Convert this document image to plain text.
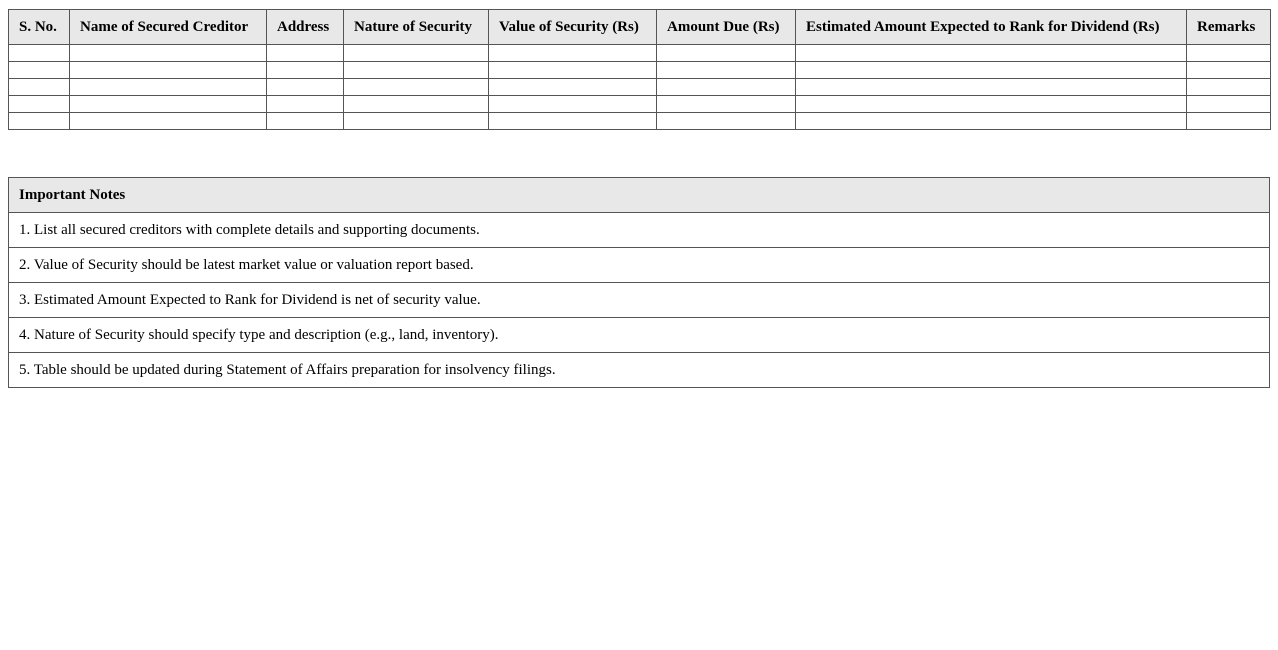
S. No.	Name of Secured Creditor	Address	Nature of Security	Value of Security (Rs)	Amount Due (Rs)	Estimated Amount Expected to Rank for Dividend (Rs)	Remarks

Important Notes
1. List all secured creditors with complete details and supporting documents.
2. Value of Security should be latest market value or valuation report based.
3. Estimated Amount Expected to Rank for Dividend is net of security value.
4. Nature of Security should specify type and description (e.g., land, inventory).
5. Table should be updated during Statement of Affairs preparation for insolvency filings.
